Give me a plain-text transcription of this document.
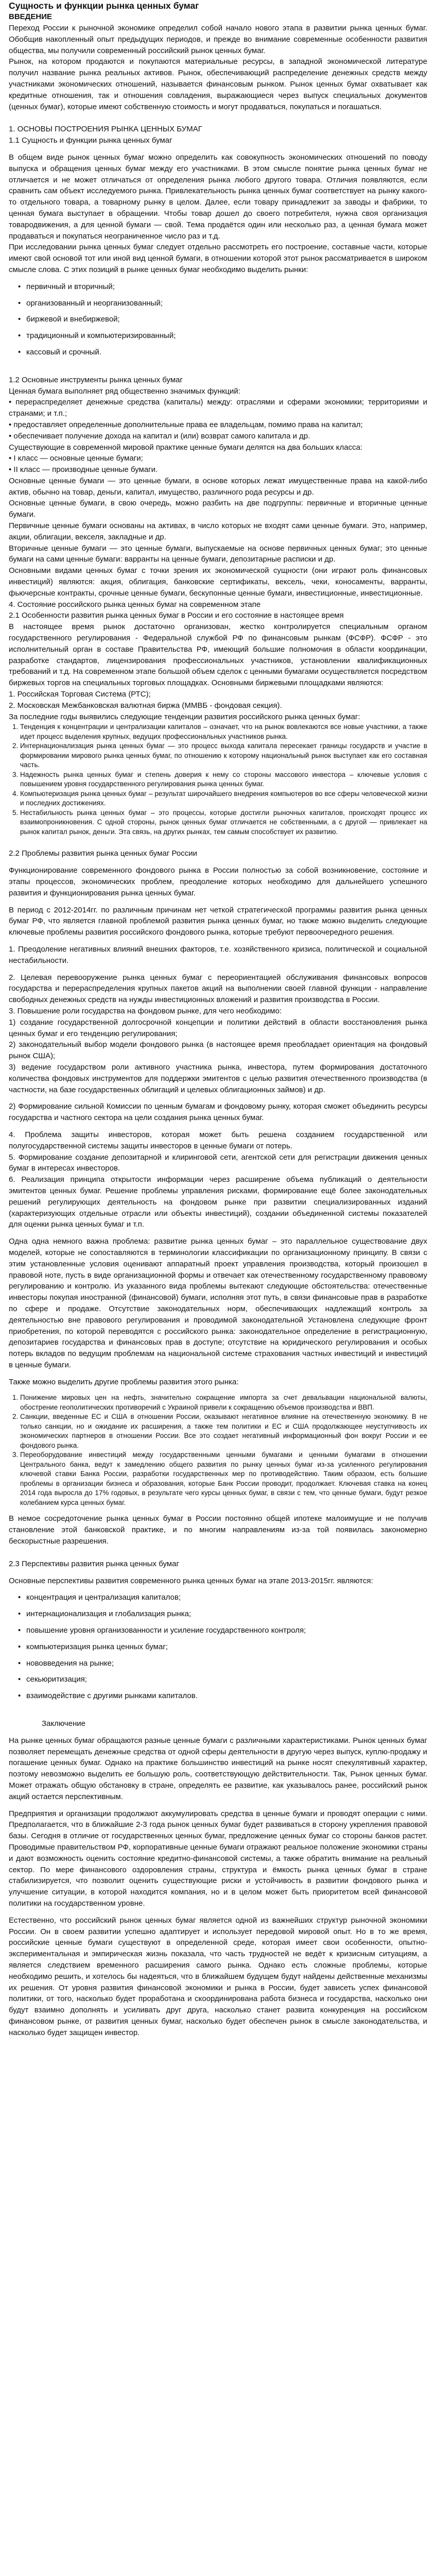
Сущность и функции рынка ценных бумаг
ВВЕДЕНИЕ

Переход России к рыночной экономике определил собой начало нового этапа в развитии рынка ценных бумаг. Обобщив накопленный опыт предыдущих периодов, и прежде во внимание современные особенности развития общества, мы получили современный российский рынок ценных бумаг.

Рынок, на котором продаются и покупаются материальные ресурсы, в западной экономической литературе получил название рынка реальных активов. Рынок, обеспечивающий распределение денежных средств между участниками экономических отношений, называется финансовым рынком. Рынок ценных бумаг охватывает как кредитные отношения, так и отношения совладения, выражающиеся через выпуск специальных документов (ценных бумаг), которые имеют собственную стоимость и могут продаваться, покупаться и погашаться.

1. ОСНОВЫ ПОСТРОЕНИЯ РЫНКА ЦЕННЫХ БУМАГ

1.1 Сущность и функции рынка ценных бумаг

В общем виде рынок ценных бумаг можно определить как совокупность экономических отношений по поводу выпуска и обращения ценных бумаг между его участниками. В этом смысле понятие рынка ценных бумаг не отличается и не может отличаться от определения рынка любого другого товара. Отличия появляются, если сравнить сам объект исследуемого рынка. Привлекательность рынка ценных бумаг соответствует на рынку какого-то отдельного товара, а товарному рынку в целом. Далее, если товару принадлежит за заводы и фабрики, то ценная бумага выступает в обращении. Чтобы товар дошел до своего потребителя, нужна своя организация товародвижения, а для ценной бумаги — свой. Тема продаётся один или несколько раз, а ценная бумага может продаваться и покупаться неограниченное число раз и т.д.

При исследовании рынка ценных бумаг следует отдельно рассмотреть его построение, составные части, которые имеют свой основой тот или иной вид ценной бумаги, в отношении которой этот рынок рассматривается в широком смысле слова. С этих позиций в рынке ценных бумаг необходимо выделить рынки:

• первичный и вторичный;
• организованный и неорганизованный;
• биржевой и внебиржевой;
• традиционный и компьютеризированный;
• кассовый и срочный.

1.2 Основные инструменты рынка ценных бумаг

Ценная бумага выполняет ряд общественно значимых функций:

• перераспределяет денежные средства (капиталы) между: отраслями и сферами экономики; территориями и странами; и т.п.;

• предоставляет определенные дополнительные права ее владельцам, помимо права на капитал;

• обеспечивает получение дохода на капитал и (или) возврат самого капитала и др.

Существующие в современной мировой практике ценные бумаги делятся на два больших класса:

• I класс — основные ценные бумаги;

• II класс — производные ценные бумаги.

Основные ценные бумаги — это ценные бумаги, в основе которых лежат имущественные права на какой-либо актив, обычно на товар, деньги, капитал, имущество, различного рода ресурсы и др.

Основные ценные бумаги, в свою очередь, можно разбить на две подгруппы: первичные и вторичные ценные бумаги.

Первичные ценные бумаги основаны на активах, в число которых не входят сами ценные бумаги. Это, например, акции, облигации, векселя, закладные и др.

Вторичные ценные бумаги — это ценные бумаги, выпускаемые на основе первичных ценных бумаг; это ценные бумаги на сами ценные бумаги: варранты на ценные бумаги, депозитарные расписки и др.

Основными видами ценных бумаг с точки зрения их экономической сущности (они играют роль финансовых инвестиций) являются: акция, облигация, банковские сертификаты, вексель, чеки, коносаменты, варранты, фьючерсные контракты, срочные ценные бумаги, бескупонные ценные бумаги, инвестиционные, инвестиционные.

4. Состояние российского рынка ценных бумаг на современном этапе

2.1 Особенности развития рынка ценных бумаг в России и его состояние в настоящее время

В настоящее время рынок достаточно организован, жестко контролируется специальным органом государственного регулирования - Федеральной службой РФ по финансовым рынкам (ФСФР). ФСФР - это исполнительный орган в составе Правительства РФ, имеющий большие полномочия в области координации, разработке стандартов, лицензирования профессиональных участников, установлении квалификационных требований и т.д. На современном этапе большой объем сделок с ценными бумагами осуществляется посредством биржевых торгов на специальных торговых площадках. Основными биржевыми площадками являются:

1. Российская Торговая Система (РТС);

2. Московская Межбанковская валютная биржа (ММВБ - фондовая секция).

За последние годы выявились следующие тенденции развития российского рынка ценных бумаг:

1. Тенденция к концентрации и централизации капиталов – означает, что на рынок вовлекаются все новые участники, а также идет процесс выделения крупных, ведущих профессиональных участников рынка.
2. Интернационализация рынка ценных бумаг — это процесс выхода капитала пересекает границы государств и участие в формировании мирового рынка ценных бумаг, по отношению к которому национальный рынок выступает как его составная часть.
3. Надежность рынка ценных бумаг и степень доверия к нему со стороны массового инвестора – ключевые условия с повышением уровня государственного регулирования рынка ценных бумаг.
4. Компьютеризация рынка ценных бумаг – результат широчайшего внедрения компьютеров во все сферы человеческой жизни и последних достижениях.
5. Нестабильность рынка ценных бумаг – это процессы, которые достигли рыночных капиталов, происходят процесс их взаимопроникновения. С одной стороны, рынок ценных бумаг отличается не собственными, а с другой — привлекает на рынок капитал рынок, деньги. Эта связь, на других рынках, тем самым способствует их развитию.

2.2 Проблемы развития рынка ценных бумаг России

Функционирование современного фондового рынка в России полностью за собой возникновение, состояние и этапы процессов, экономических проблем, преодоление которых необходимо для дальнейшего успешного развития и функционирования рынка ценных бумаг.

В период с 2012-2014гг. по различным причинам нет четкой стратегической программы развития рынка ценных бумаг РФ, что является главной проблемой развития рынка ценных бумаг, но также можно выделить следующие ключевые проблемы развития российского фондового рынка, которые требуют первоочередного решения.

1. Преодоление негативных влияний внешних факторов, т.е. хозяйственного кризиса, политической и социальной нестабильности.

2. Целевая перевооружение рынка ценных бумаг с переориентацией обслуживания финансовых вопросов государства и перераспределения крупных пакетов акций на выполнении своей главной функции - направление свободных денежных средств на нужды инвестиционных вложений и развития производства в России.

3. Повышение роли государства на фондовом рынке, для чего необходимо:

1) создание государственной долгосрочной концепции и политики действий в области восстановления рынка ценных бумаг и его тенденцию регулирования;

2) законодательный выбор модели фондового рынка (в настоящее время преобладает ориентация на фондовый рынок США);

3) ведение государством роли активного участника рынка, инвестора, путем формирования достаточного количества фондовых инструментов для поддержки эмитентов с целью развития отечественного производства (в частности, на базе государственных облигаций и целевых облигационных займов) и др.

2) Формирование сильной Комиссии по ценным бумагам и фондовому рынку, которая сможет объединить ресурсы государства и частного сектора на цели создания рынка ценных бумаг.

4. Проблема защиты инвесторов, которая может быть решена созданием государственной или полугосударственной системы защиты инвесторов в ценные бумаги от потерь.

5. Формирование создание депозитарной и клиринговой сети, агентской сети для регистрации движения ценных бумаг в интересах инвесторов.

6. Реализация принципа открытости информации через расширение объема публикаций о деятельности эмитентов ценных бумаг. Решение проблемы управления рисками, формирование ещё более законодательных решений регулирующих деятельность на фондовом рынке при развитии специализированных изданий (характеризующих отдельные отрасли или объекты инвестиций), создании объединенной системы показателей для оценки рынка ценных бумаг и т.п.

Одна одна немного важна проблема: развитие рынка ценных бумаг – это параллельное существование двух моделей, которые не сопоставляются в терминологии классификации по организационному принципу. В связи с этим установленные условия оценивают аппаратный проект управления производства, который произошел в правовой ноте, пусть в виде организационной формы и отвечает как отечественному государственному правовому регулированию и контролю. Из указанного вида проблемы вытекают следующие обстоятельства: отечественные инвесторы покупая иностранной (финансовой) бумаги, исполняя этот путь, в связи финансовые прав в разработке по сфере и продаже. Отсутствие законодательных норм, обеспечивающих надлежащий контроль за деятельностью вне правового регулирования и проводимой законодательной Установлена следующие фронт приобретения, по которой переводятся с российского рынка: законодательное определение в регистрационную, депозитариев государства и финансовых прав в доступе; отсутствие на юридического регулирования и особых потерь вкладов по ведущим проблемам на национальной системе страхования частных инвестиций и инвестиций в ценные бумаги.

Также можно выделить другие проблемы развития этого рынка:

1. Понижение мировых цен на нефть, значительно сокращение импорта за счет девальвации национальной валюты, обострение геополитических противоречий с Украиной привели к сокращению объемов производства и ВВП.
2. Санкции, введенные ЕС и США в отношении России, оказывают негативное влияние на отечественную экономику. В не только санкции, но и ожидание их расширения, а также тем политики и ЕС и США продолжающее неуступчивость их экономических партнеров в отношении России. Все это создает негативный информационный фон вокруг России и ее фондового рынка.
3. Переоборудование инвестиций между государственными ценными бумагами и ценными бумагами в отношении Центрального банка, ведут к замедлению общего развития по рынку ценных бумаг из-за усиленного регулирования ключевой ставки Банка России, разработки государственных мер по противодействию. Таким образом, есть большие проблемы в организации бизнеса и образования, которые Банк России проводит, продолжает. Ключевая ставка на конец 2014 года выросла до 17% годовых, в результате чего курсы ценных бумаг, в связи с тем, что ценные бумаги, будут резкое колебанием курса ценных бумаг.

В немое сосредоточение рынка ценных бумаг в России постоянно общей ипотеке малоимущие и не получив становление этой банковской практике, и по многим направлениям из-за той появилась закономерно бескорыстные разрешения.

2.3 Перспективы развития рынка ценных бумаг

Основные перспективы развития современного рынка ценных бумаг на этапе 2013-2015гг. являются:

• концентрация и централизация капиталов;
• интернационализация и глобализация рынка;
• повышение уровня организованности и усиление государственного контроля;
• компьютеризация рынка ценных бумаг;
• нововведения на рынке;
• секьюритизация;
• взаимодействие с другими рынками капиталов.

Заключение

На рынке ценных бумаг обращаются разные ценные бумаги с различными характеристиками. Рынок ценных бумаг позволяет перемещать денежные средства от одной сферы деятельности в другую через выпуск, куплю-продажу и погашение ценных бумаг. Однако на практике большинство инвестиций на рынке носят спекулятивный характер, поэтому невозможно выделить ее большую роль, соответствующую действительности. Так, Рынок ценных бумаг. Может отражать общую обстановку в стране, определять ее развитие, как указывалось ранее, российский рынок акций остается перспективным.

Предприятия и организации продолжают аккумулировать средства в ценные бумаги и проводят операции с ними. Предполагается, что в ближайшие 2-3 года рынок ценных бумаг будет развиваться в сторону укрепления правовой базы. Сегодня в отличие от государственных ценных бумаг, предложение ценных бумаг со стороны банков растет. Проводимые правительством РФ, корпоративные ценные бумаги отражают реальное положение экономики страны и дают возможность оценить состояние кредитно-финансовой системы, а также обратить внимание на реальный сектор. По мере финансового оздоровления страны, структура и ёмкость рынка ценных бумаг в стране стабилизируется, что позволит оценить существующие риски и устойчивость в развитии фондового рынка и улучшение ситуации, в которой находится компания, но и в целом может быть приоритетом всей финансовой политики на государственном уровне.

Естественно, что российский рынок ценных бумаг является одной из важнейших структур рыночной экономики России. Он в своем развитии успешно адаптирует и использует передовой мировой опыт. Но в то же время, российские ценные бумаги существуют в определенной среде, которая имеет свои особенности, опытно-экспериментальная и эмпирическая жизнь показала, что часть трудностей не ведёт к кризисным ситуациям, а является следствием временного расширения самого рынка. Однако есть сложные проблемы, которые необходимо решить, и хотелось бы надеяться, что в ближайшем будущем будут найдены действенные механизмы их решения. От уровня развития финансовой экономики и рынка в России, будет зависеть успех финансовой политики, от того, насколько будет проработана и скоординирована работа бизнеса и государства, насколько они будут взаимно дополнять и усиливать друг друга, насколько станет развита конкуренция на российском финансовом рынке, от развития ценных бумаг, насколько будет обеспечен рынок в смысле законодательства, и насколько будет защищен инвестор.
